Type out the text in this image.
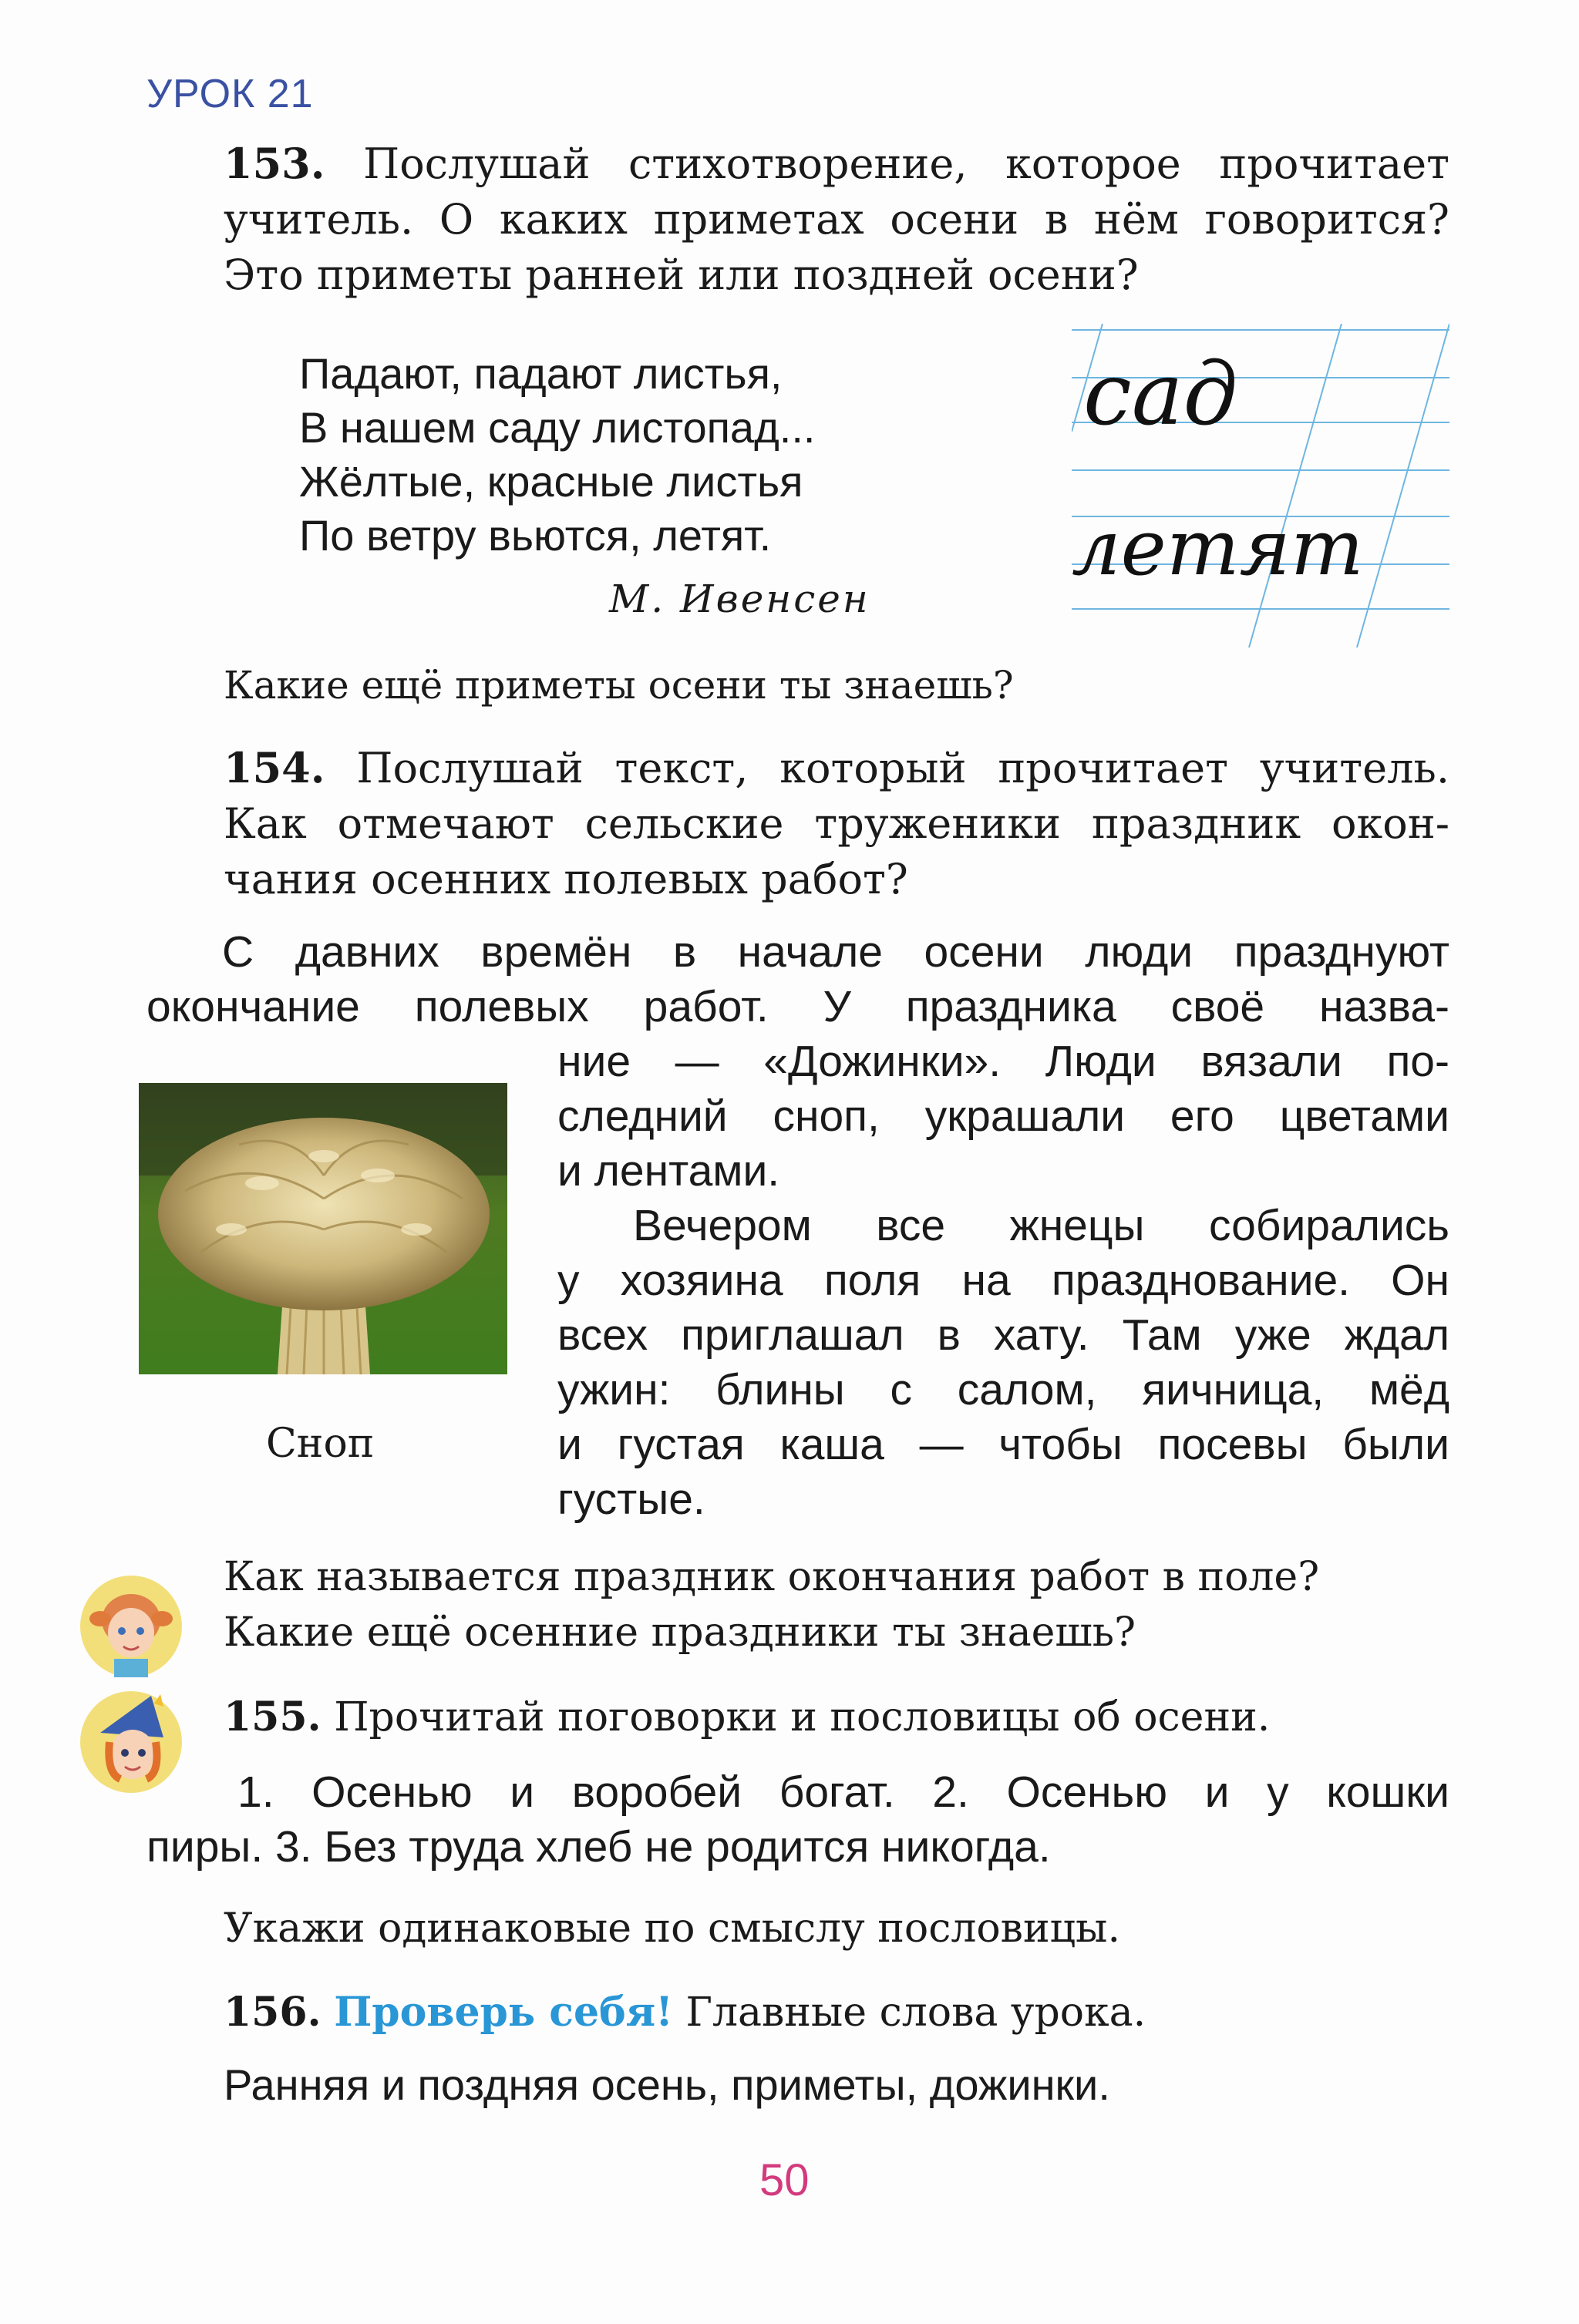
УРОК 21
153. Послушай стихотворение, которое прочитает
учитель. О каких приметах осени в нём говорится?
Это приметы ранней или поздней осени?
Падают, падают листья,
В нашем саду листопад...
Жёлтые, красные листья
По ветру вьются, летят.
М. Ивенсен
сад
летят
Какие ещё приметы осени ты знаешь?
154. Послушай текст, который прочитает учитель.
Как отмечают сельские труженики праздник окон-
чания осенних полевых работ?
С давних времён в начале осени люди празднуют
окончание полевых работ. У праздника своё назва-
ние — «Дожинки». Люди вязали по-
следний сноп, украшали его цветами
и лентами.
Вечером все жнецы собирались
у хозяина поля на празднование. Он
всех приглашал в хату. Там уже ждал
ужин: блины с салом, яичница, мёд
и густая каша — чтобы посевы были
густые.
Сноп
Как называется праздник окончания работ в поле?
Какие ещё осенние праздники ты знаешь?
155. Прочитай поговорки и пословицы об осени.
1. Осенью и воробей богат. 2. Осенью и у кошки
пиры. 3. Без труда хлеб не родится никогда.
Укажи одинаковые по смыслу пословицы.
156. Проверь себя! Главные слова урока.
Ранняя и поздняя осень, приметы, дожинки.
50
